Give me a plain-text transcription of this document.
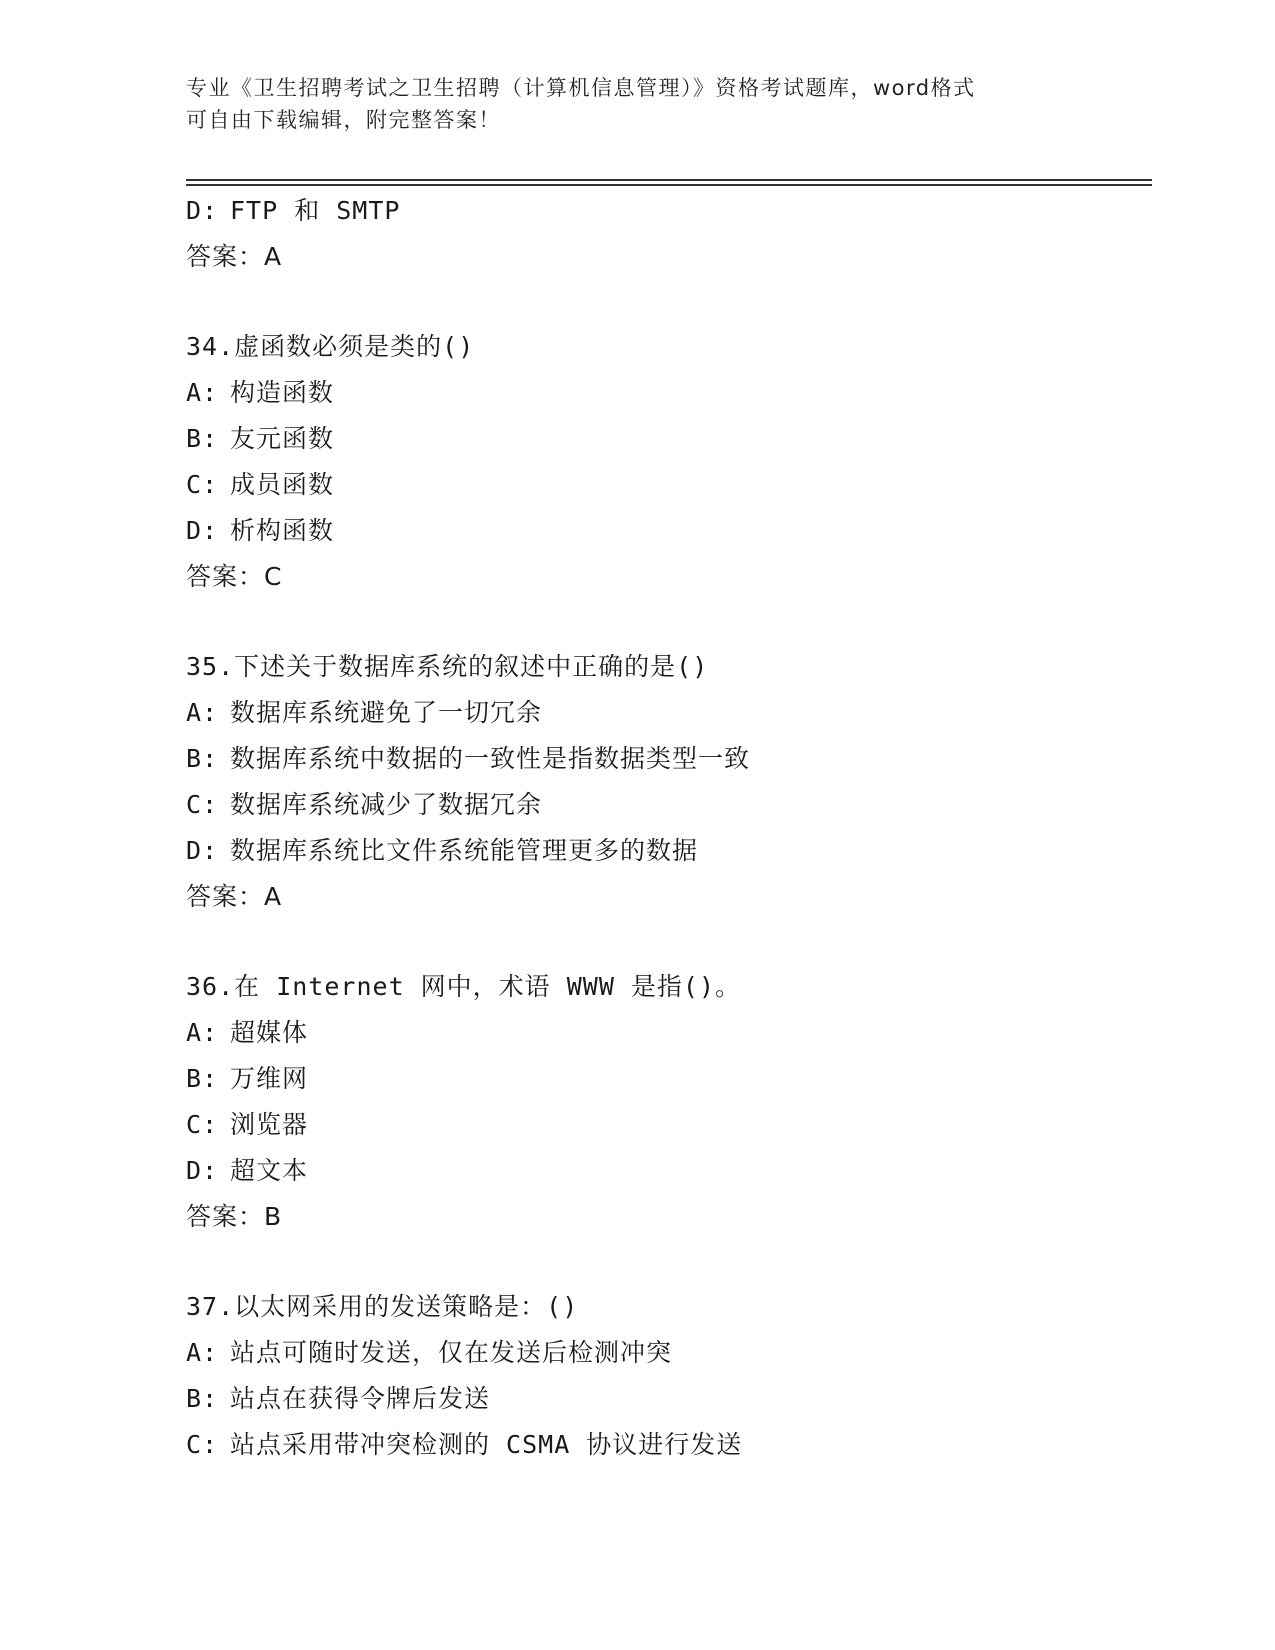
专业《卫生招聘考试之卫生招聘（计算机信息管理）》资格考试题库，word格式
可自由下载编辑，附完整答案！
D: FTP 和 SMTP
答案：A
34.虚函数必须是类的()
A: 构造函数
B: 友元函数
C: 成员函数
D: 析构函数
答案：C
35.下述关于数据库系统的叙述中正确的是()
A: 数据库系统避免了一切冗余
B: 数据库系统中数据的一致性是指数据类型一致
C: 数据库系统减少了数据冗余
D: 数据库系统比文件系统能管理更多的数据
答案：A
36.在 Internet 网中，术语 WWW 是指()。
A: 超媒体
B: 万维网
C: 浏览器
D: 超文本
答案：B
37.以太网采用的发送策略是：()
A: 站点可随时发送，仅在发送后检测冲突
B: 站点在获得令牌后发送
C: 站点采用带冲突检测的 CSMA 协议进行发送
